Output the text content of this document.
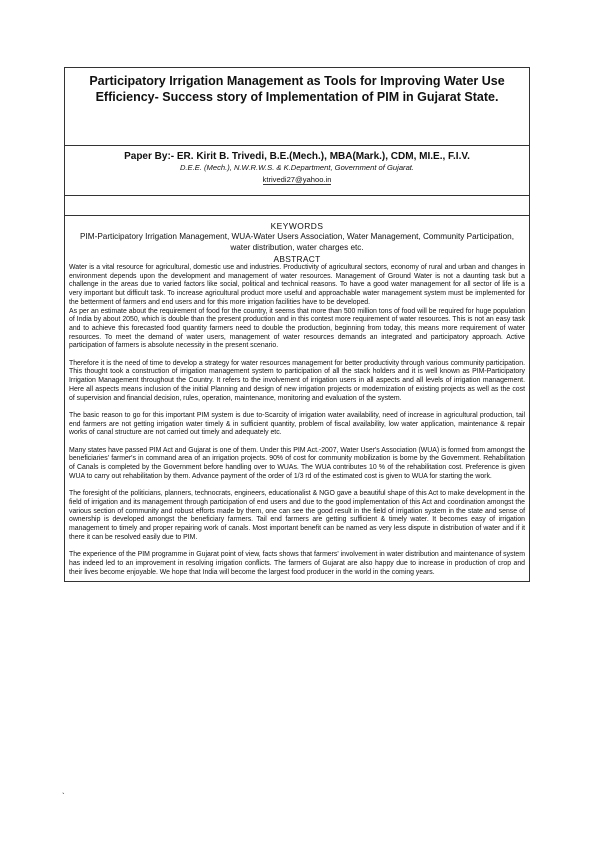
Participatory Irrigation Management as Tools for Improving Water Use Efficiency- Success story of Implementation of PIM in Gujarat State.
Paper By:- ER. Kirit B. Trivedi, B.E.(Mech.), MBA(Mark.), CDM, MI.E., F.I.V.
D.E.E. (Mech.), N.W.R.W.S. & K.Department, Government of Gujarat.
ktrivedi27@yahoo.in
KEYWORDS
PIM-Participatory Irrigation Management, WUA-Water Users Association, Water Management, Community Participation, water distribution, water charges etc.
ABSTRACT

Water is a vital resource for agricultural, domestic use and industries. Productivity of agricultural sectors, economy of rural and urban and changes in environment depends upon the development and management of water resources. Management of Ground Water is not a daunting task but a challenge in the areas due to varied factors like social, political and technical reasons. To have a good water management for all sector of life is a very important but difficult task. To increase agricultural product more useful and approachable water management system must be implemented for the betterment of farmers and end users and for this more irrigation facilities have to be developed.

As per an estimate about the requirement of food for the country, it seems that more than 500 million tons of food will be required for huge population of India by about 2050, which is double than the present production and in this contest more requirement of water resources. This is not an easy task and to achieve this forecasted food quantity farmers need to double the production, beginning from today, this means more requirement of water resources. To meet the demand of water users, management of water resources demands an integrated and participatory approach. Active participation of farmers is absolute necessity in the present scenario.

Therefore it is the need of time to develop a strategy for water resources management for better productivity through various community participation. This thought took a construction of irrigation management system to participation of all the stack holders and it is well known as PIM-Participatory Irrigation Management throughout the Country. It refers to the involvement of irrigation users in all aspects and all levels of irrigation management. Here all aspects means inclusion of the initial Planning and design of new irrigation projects or modernization of existing projects as well as the cost of supervision and financial decision, rules, operation, maintenance, monitoring and evaluation of the system.

The basic reason to go for this important PIM system is due to-Scarcity of irrigation water availability, need of increase in agricultural production, tail end farmers are not getting irrigation water timely & in sufficient quantity, problem of fiscal availability, low water application, maintenance & repair works of canal structure are not carried out timely and adequately etc.

Many states have passed PIM Act and Gujarat is one of them. Under this PIM Act.-2007, Water User's Association (WUA) is formed from amongst the beneficiaries' farmer's in command area of an irrigation projects. 90% of cost for community mobilization is borne by the Government. Rehabilitation of Canals is completed by the Government before handling over to WUAs. The WUA contributes 10 % of the rehabilitation cost. Preference is given WUA to carry out rehabilitation by them. Advance payment of the order of 1/3 rd of the estimated cost is given to WUA for starting the work.

The foresight of the politicians, planners, technocrats, engineers, educationalist & NGO gave a beautiful shape of this Act to make development in the field of irrigation and its management through participation of end users and due to the good implementation of this Act and coordination amongst the various section of community and robust efforts made by them, one can see the good result in the field of irrigation system in the state and sense of ownership is developed amongst the beneficiary farmers. Tail end farmers are getting sufficient & timely water. It becomes easy of irrigation management to timely and proper repairing work of canals. Most important benefit can be named as very less dispute in distribution of water and if it there it can be resolved easily due to PIM.

The experience of the PIM programme in Gujarat point of view, facts shows that farmers' involvement in water distribution and maintenance of system has indeed led to an improvement in resolving irrigation conflicts. The farmers of Gujarat are also happy due to increase in production of crop and their lives become enjoyable. We hope that India will become the largest food producer in the world in the coming years.

`
